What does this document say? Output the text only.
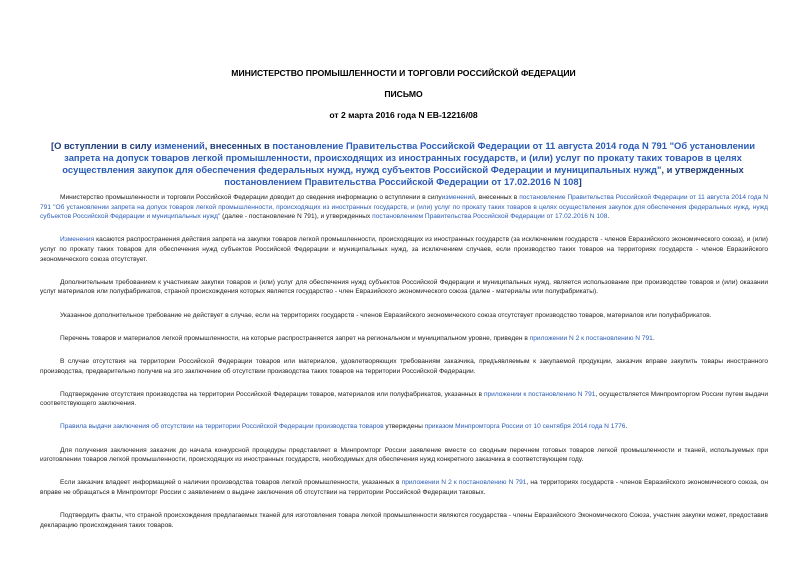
МИНИСТЕРСТВО ПРОМЫШЛЕННОСТИ И ТОРГОВЛИ РОССИЙСКОЙ ФЕДЕРАЦИИ
ПИСЬМО
от 2 марта 2016 года N ЕВ-12216/08
[О вступлении в силу изменений, внесенных в постановление Правительства Российской Федерации от 11 августа 2014 года N 791 "Об установлении запрета на допуск товаров легкой промышленности, происходящих из иностранных государств, и (или) услуг по прокату таких товаров в целях осуществления закупок для обеспечения федеральных нужд, нужд субъектов Российской Федерации и муниципальных нужд", и утвержденных постановлением Правительства Российской Федерации от 17.02.2016 N 108]

Министерство промышленности и торговли Российской Федерации доводит до сведения информацию о вступлении в силуизменений, внесенных в постановление Правительства Российской Федерации от 11 августа 2014 года N 791 "Об установлении запрета на допуск товаров легкой промышленности, происходящих из иностранных государств, и (или) услуг по прокату таких товаров в целях осуществления закупок для обеспечения федеральных нужд, нужд субъектов Российской Федерации и муниципальных нужд" (далее - постановление N 791), и утвержденных постановлением Правительства Российской Федерации от 17.02.2016 N 108.

Изменения касаются распространения действия запрета на закупки товаров легкой промышленности, происходящих из иностранных государств (за исключением государств - членов Евразийского экономического союза), и (или) услуг по прокату таких товаров для обеспечения нужд субъектов Российской Федерации и муниципальных нужд, за исключением случаев, если производство таких товаров на территориях государств - членов Евразийского экономического союза отсутствует.

Дополнительным требованием к участникам закупки товаров и (или) услуг для обеспечения нужд субъектов Российской Федерации и муниципальных нужд, является использование при производстве товаров и (или) оказании услуг материалов или полуфабрикатов, страной происхождения которых является государство - член Евразийского экономического союза (далее - материалы или полуфабрикаты).

Указанное дополнительное требование не действует в случае, если на территориях государств - членов Евразийского экономического союза отсутствует производство товаров, материалов или полуфабрикатов.

Перечень товаров и материалов легкой промышленности, на которые распространяется запрет на региональном и муниципальном уровне, приведен в приложении N 2 к постановлению N 791.

В случае отсутствия на территории Российской Федерации товаров или материалов, удовлетворяющих требованиям заказчика, предъявляемым к закупаемой продукции, заказчик вправе закупить товары иностранного производства, предварительно получив на это заключение об отсутствии производства таких товаров на территории Российской Федерации.

Подтверждение отсутствия производства на территории Российской Федерации товаров, материалов или полуфабрикатов, указанных в приложении к постановлению N 791, осуществляется Минпромторгом России путем выдачи соответствующего заключения.

Правила выдачи заключения об отсутствии на территории Российской Федерации производства товаров утверждены приказом Минпромторга России от 10 сентября 2014 года N 1776.

Для получения заключения заказчик до начала конкурсной процедуры представляет в Минпромторг России заявление вместе со сводным перечнем готовых товаров легкой промышленности и тканей, используемых при изготовлении товаров легкой промышленности, происходящих из иностранных государств, необходимых для обеспечения нужд конкретного заказчика в соответствующем году.

Если заказчик владеет информацией о наличии производства товаров легкой промышленности, указанных в приложении N 2 к постановлению N 791, на территориях государств - членов Евразийского экономического союза, он вправе не обращаться в Минпромторг России с заявлением о выдаче заключения об отсутствии на территории Российской Федерации таковых.

Подтвердить факты, что страной происхождения предлагаемых тканей для изготовления товара легкой промышленности являются государства - члены Евразийского Экономического Союза, участник закупки может, предоставив декларацию происхождения таких товаров.
